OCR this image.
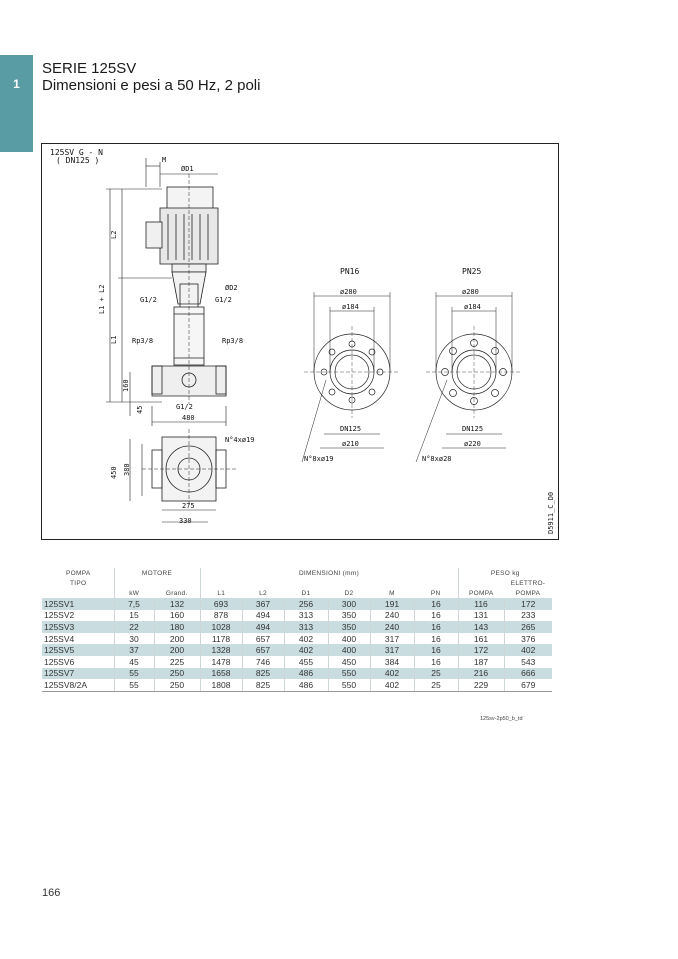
1
SERIE 125SV
Dimensioni e pesi a 50 Hz, 2 poli
125SV G - N
( DN125 )	M
ØD1
ØD2
L2
L1 + L2
L1
G1/2	G1/2
Rp3/8	Rp3/8
160
45	G1/2
480
N°4xø19
450 380
275
330
PN16
ø280
ø184
DN125
ø210
N°8xø19
PN25
ø280
ø184
DN125
ø220
N°8xø28
D5911_C_D0
POMPA	MOTORE		DIMENSIONI (mm)						PESO kg	
TIPO										ELETTRO-
	kW	Grand.	L1	L2	D1	D2	M	PN	POMPA	POMPA
125SV1	7,5	132	693	367	256	300	191	16	116	172
125SV2	15	160	878	494	313	350	240	16	131	233
125SV3	22	180	1028	494	313	350	240	16	143	265
125SV4	30	200	1178	657	402	400	317	16	161	376
125SV5	37	200	1328	657	402	400	317	16	172	402
125SV6	45	225	1478	746	455	450	384	16	187	543
125SV7	55	250	1658	825	486	550	402	25	216	666
125SV8/2A	55	250	1808	825	486	550	402	25	229	679
125sv-2p50_b_td
166
